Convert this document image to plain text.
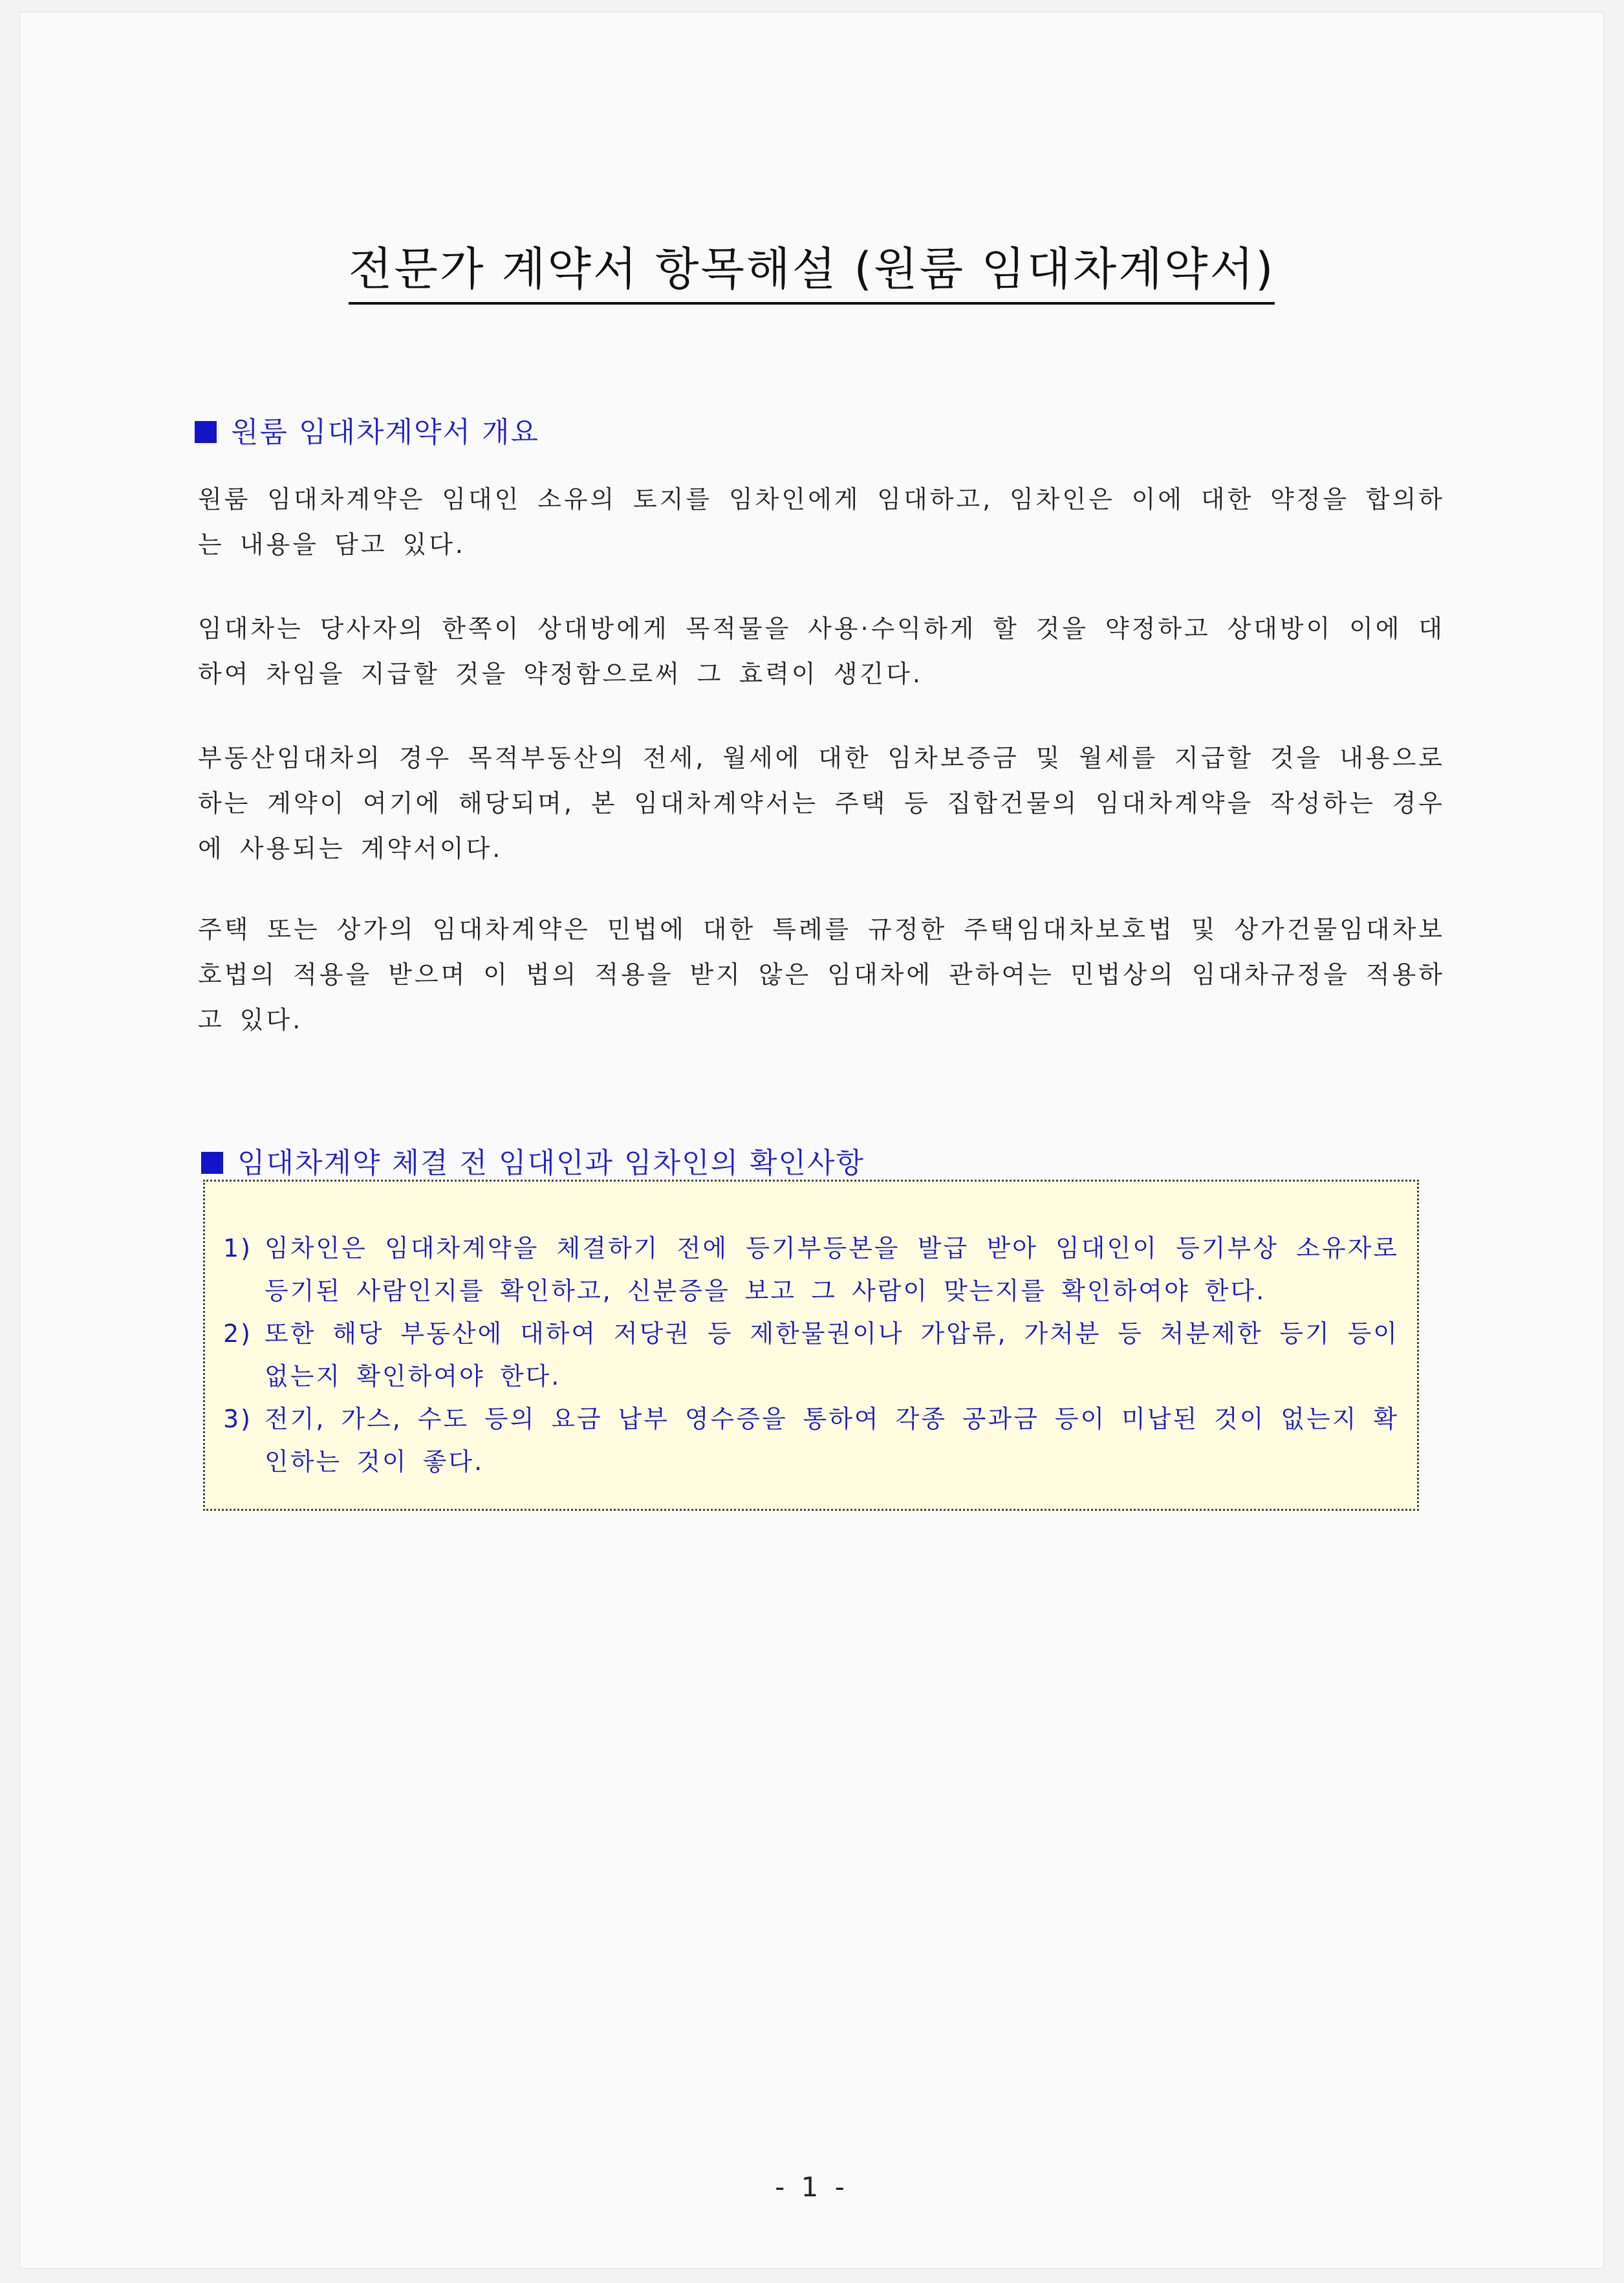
전문가 계약서 항목해설 (원룸 임대차계약서)
원룸 임대차계약서 개요

원룸 임대차계약은 임대인 소유의 토지를 임차인에게 임대하고, 임차인은 이에 대한 약정을 합의하는 내용을 담고 있다.

임대차는 당사자의 한쪽이 상대방에게 목적물을 사용·수익하게 할 것을 약정하고 상대방이 이에 대하여 차임을 지급할 것을 약정함으로써 그 효력이 생긴다.

부동산임대차의 경우 목적부동산의 전세, 월세에 대한 임차보증금 및 월세를 지급할 것을 내용으로 하는 계약이 여기에 해당되며, 본 임대차계약서는 주택 등 집합건물의 임대차계약을 작성하는 경우에 사용되는 계약서이다.

주택 또는 상가의 임대차계약은 민법에 대한 특례를 규정한 주택임대차보호법 및 상가건물임대차보호법의 적용을 받으며 이 법의 적용을 받지 않은 임대차에 관하여는 민법상의 임대차규정을 적용하고 있다.

임대차계약 체결 전 임대인과 임차인의 확인사항
1) 임차인은 임대차계약을 체결하기 전에 등기부등본을 발급 받아 임대인이 등기부상 소유자로 등기된 사람인지를 확인하고, 신분증을 보고 그 사람이 맞는지를 확인하여야 한다.
2) 또한 해당 부동산에 대하여 저당권 등 제한물권이나 가압류, 가처분 등 처분제한 등기 등이 없는지 확인하여야 한다.
3) 전기, 가스, 수도 등의 요금 납부 영수증을 통하여 각종 공과금 등이 미납된 것이 없는지 확인하는 것이 좋다.
- 1 -
